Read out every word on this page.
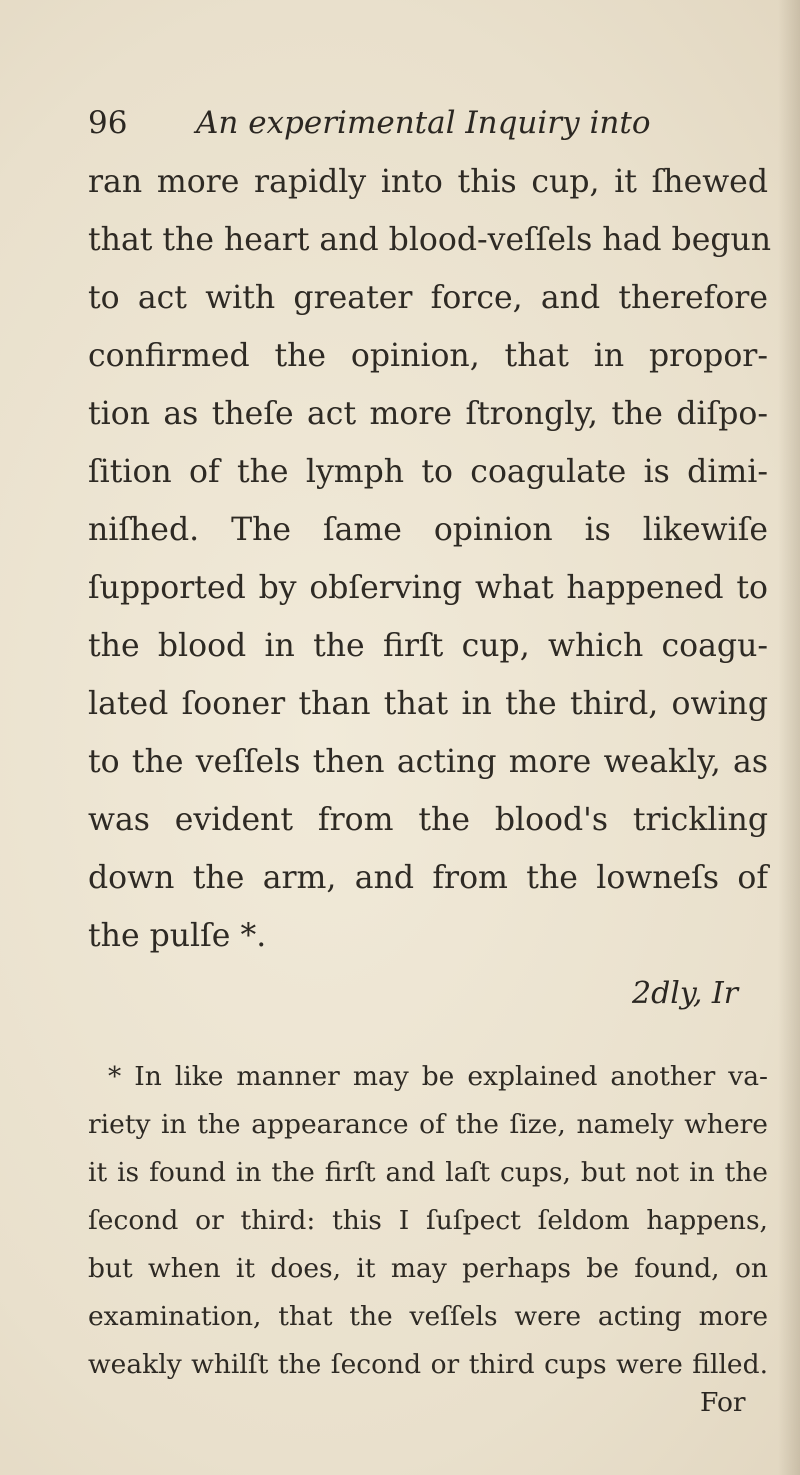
96 An experimental Inquiry into
ran more rapidly into this cup, it ſhewed
that the heart and blood-veſſels had begun
to act with greater force, and therefore
confirmed the opinion, that in propor-
tion as theſe act more ſtrongly, the diſpo-
ſition of the lymph to coagulate is dimi-
niſhed. The ſame opinion is likewiſe
ſupported by obſerving what happened to
the blood in the firſt cup, which coagu-
lated ſooner than that in the third, owing
to the veſſels then acting more weakly, as
was evident from the blood's trickling
down the arm, and from the lowneſs of
the pulſe *.
2dly, Ir
* In like manner may be explained another va-
riety in the appearance of the ſize, namely where
it is found in the firſt and laſt cups, but not in the
ſecond or third: this I ſuſpect ſeldom happens,
but when it does, it may perhaps be found, on
examination, that the veſſels were acting more
weakly whilſt the ſecond or third cups were filled.
For
